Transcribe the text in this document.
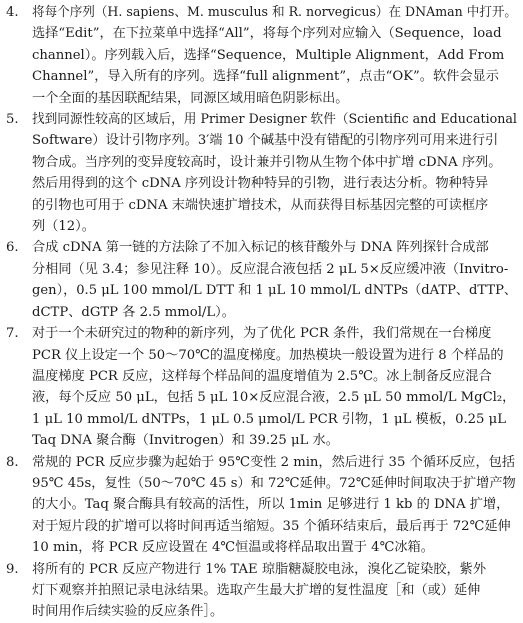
4. 将每个序列（H. sapiens、M. musculus 和 R. norvegicus）在 DNAman 中打开。
选择“Edit”，在下拉菜单中选择“All”，将每个序列对应输入（Sequence，load
channel）。序列载入后，选择“Sequence，Multiple Alignment，Add From
Channel”，导入所有的序列。选择“full alignment”，点击“OK”。软件会显示
一个全面的基因联配结果，同源区域用暗色阴影标出。
5. 找到同源性较高的区域后，用 Primer Designer 软件（Scientific and Educational
Software）设计引物序列。3′端 10 个碱基中没有错配的引物序列可用来进行引
物合成。当序列的变异度较高时，设计兼并引物从生物个体中扩增 cDNA 序列。
然后用得到的这个 cDNA 序列设计物种特异的引物，进行表达分析。物种特异
的引物也可用于 cDNA 末端快速扩增技术，从而获得目标基因完整的可读框序
列（12）。
6. 合成 cDNA 第一链的方法除了不加入标记的核苷酸外与 DNA 阵列探针合成部
分相同（见 3.4；参见注释 10）。反应混合液包括 2 μL 5×反应缓冲液（Invitro-
gen），0.5 μL 100 mmol/L DTT 和 1 μL 10 mmol/L dNTPs（dATP、dTTP、
dCTP、dGTP 各 2.5 mmol/L）。
7. 对于一个未研究过的物种的新序列，为了优化 PCR 条件，我们常规在一台梯度
PCR 仪上设定一个 50～70℃的温度梯度。加热模块一般设置为进行 8 个样品的
温度梯度 PCR 反应，这样每个样品间的温度增值为 2.5℃。冰上制备反应混合
液，每个反应 50 μL，包括 5 μL 10×反应混合液，2.5 μL 50 mmol/L MgCl₂，
1 μL 10 mmol/L dNTPs，1 μL 0.5 μmol/L PCR 引物，1 μL 模板，0.25 μL
Taq DNA 聚合酶（Invitrogen）和 39.25 μL 水。
8. 常规的 PCR 反应步骤为起始于 95℃变性 2 min，然后进行 35 个循环反应，包括
95℃ 45s，复性（50～70℃ 45 s）和 72℃延伸。72℃延伸时间取决于扩增产物
的大小。Taq 聚合酶具有较高的活性，所以 1min 足够进行 1 kb 的 DNA 扩增，
对于短片段的扩增可以将时间再适当缩短。35 个循环结束后，最后再于 72℃延伸
10 min，将 PCR 反应设置在 4℃恒温或将样品取出置于 4℃冰箱。
9. 将所有的 PCR 反应产物进行 1% TAE 琼脂糖凝胶电泳，溴化乙锭染胶，紫外
灯下观察并拍照记录电泳结果。选取产生最大扩增的复性温度［和（或）延伸
时间用作后续实验的反应条件］。
